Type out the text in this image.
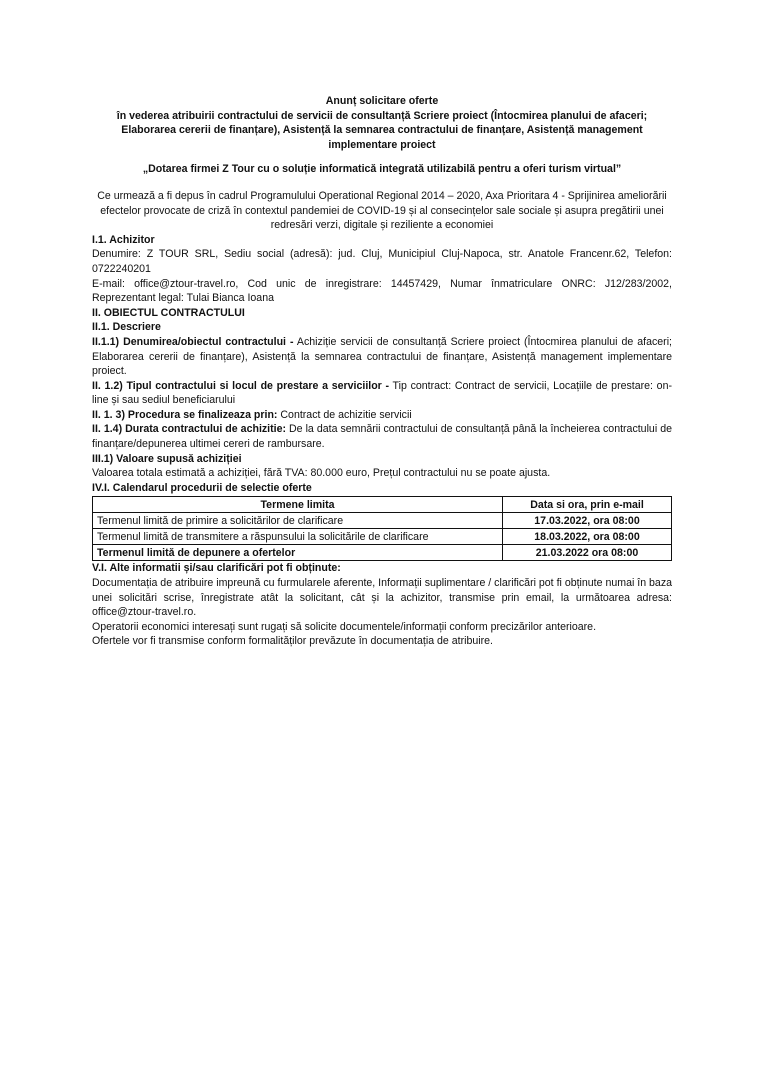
Anunț solicitare oferte

în vederea atribuirii contractului de servicii de consultanță Scriere proiect (Întocmirea planului de afaceri; Elaborarea cererii de finanțare), Asistență la semnarea contractului de finanțare, Asistență management implementare proiect

„Dotarea firmei Z Tour cu o soluție informatică integrată utilizabilă pentru a oferi turism virtual”

Ce urmează a fi depus în cadrul Programulului Operational Regional 2014 – 2020, Axa Prioritara 4 - Sprijinirea ameliorării efectelor provocate de criză în contextul pandemiei de COVID-19 și al consecințelor sale sociale și asupra pregătirii unei redresări verzi, digitale și reziliente a economiei

I.1. Achizitor

Denumire: Z TOUR SRL, Sediu social (adresă): jud. Cluj, Municipiul Cluj-Napoca, str. Anatole Francenr.62, Telefon: 0722240201

E-mail: office@ztour-travel.ro, Cod unic de inregistrare: 14457429, Numar înmatriculare ONRC: J12/283/2002, Reprezentant legal: Tulai Bianca Ioana

II. OBIECTUL CONTRACTULUI

II.1. Descriere

II.1.1) Denumirea/obiectul contractului - Achiziție servicii de consultanță Scriere proiect (Întocmirea planului de afaceri; Elaborarea cererii de finanțare), Asistență la semnarea contractului de finanțare, Asistență management implementare proiect.

II. 1.2) Tipul contractului si locul de prestare a serviciilor - Tip contract: Contract de servicii, Locațiile de prestare: on-line și sau sediul beneficiarului

II. 1. 3) Procedura se finalizeaza prin: Contract de achizitie servicii

II. 1.4) Durata contractului de achizitie: De la data semnării contractului de consultanță până la încheierea contractului de finanțare/depunerea ultimei cereri de rambursare.

III.1) Valoare supusă achiziției

Valoarea totala estimată a achiziției, fără TVA: 80.000 euro, Prețul contractului nu se poate ajusta.

IV.I. Calendarul procedurii de selectie oferte

Termene limita	Data si ora, prin e-mail
Termenul limită de primire a solicitărilor de clarificare	17.03.2022, ora 08:00
Termenul limită de transmitere a răspunsului la solicitările de clarificare	18.03.2022, ora 08:00
Termenul limită de depunere a ofertelor	21.03.2022 ora 08:00

V.I. Alte informatii și/sau clarificări pot fi obținute:

Documentația de atribuire impreună cu furmularele aferente, Informații suplimentare / clarificări pot fi obținute numai în baza unei solicitări scrise, înregistrate atât la solicitant, cât și la achizitor, transmise prin email, la următoarea adresa: office@ztour-travel.ro.

Operatorii economici interesați sunt rugați să solicite documentele/informații conform precizărilor anterioare.

Ofertele vor fi transmise conform formalităților prevăzute în documentația de atribuire.
